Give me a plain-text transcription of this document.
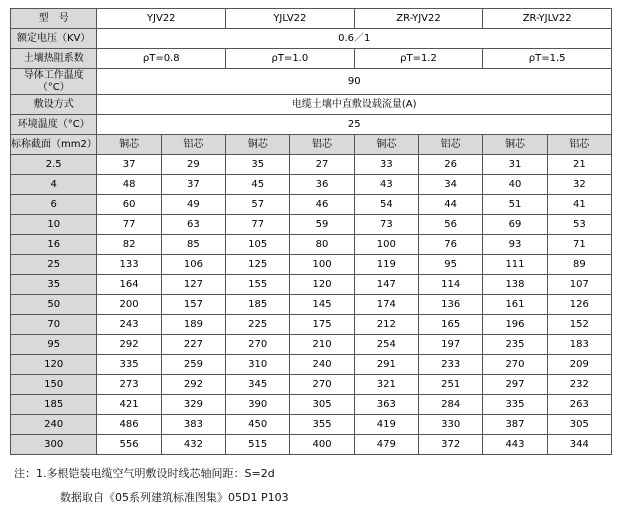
型　号	YJV22		YJLV22		ZR-YJV22		ZR-YJLV22	
额定电压（KV）	0.6／1							
土壤热阻系数	ρT=0.8		ρT=1.0		ρT=1.2		ρT=1.5	
导体工作温度（°C）	90							
敷设方式	电缆土壤中直敷设载流量(A)							
环境温度（°C）	25							
标称截面（mm2）	铜芯	铝芯	铜芯	铝芯	铜芯	铝芯	铜芯	铝芯
2.5	37	29	35	27	33	26	31	21
4	48	37	45	36	43	34	40	32
6	60	49	57	46	54	44	51	41
10	77	63	77	59	73	56	69	53
16	82	85	105	80	100	76	93	71
25	133	106	125	100	119	95	111	89
35	164	127	155	120	147	114	138	107
50	200	157	185	145	174	136	161	126
70	243	189	225	175	212	165	196	152
95	292	227	270	210	254	197	235	183
120	335	259	310	240	291	233	270	209
150	273	292	345	270	321	251	297	232
185	421	329	390	305	363	284	335	263
240	486	383	450	355	419	330	387	305
300	556	432	515	400	479	372	443	344
注：1.多根铠装电缆空气明敷设时线芯轴间距：S=2d
数据取自《05系列建筑标准图集》05D1 P103
